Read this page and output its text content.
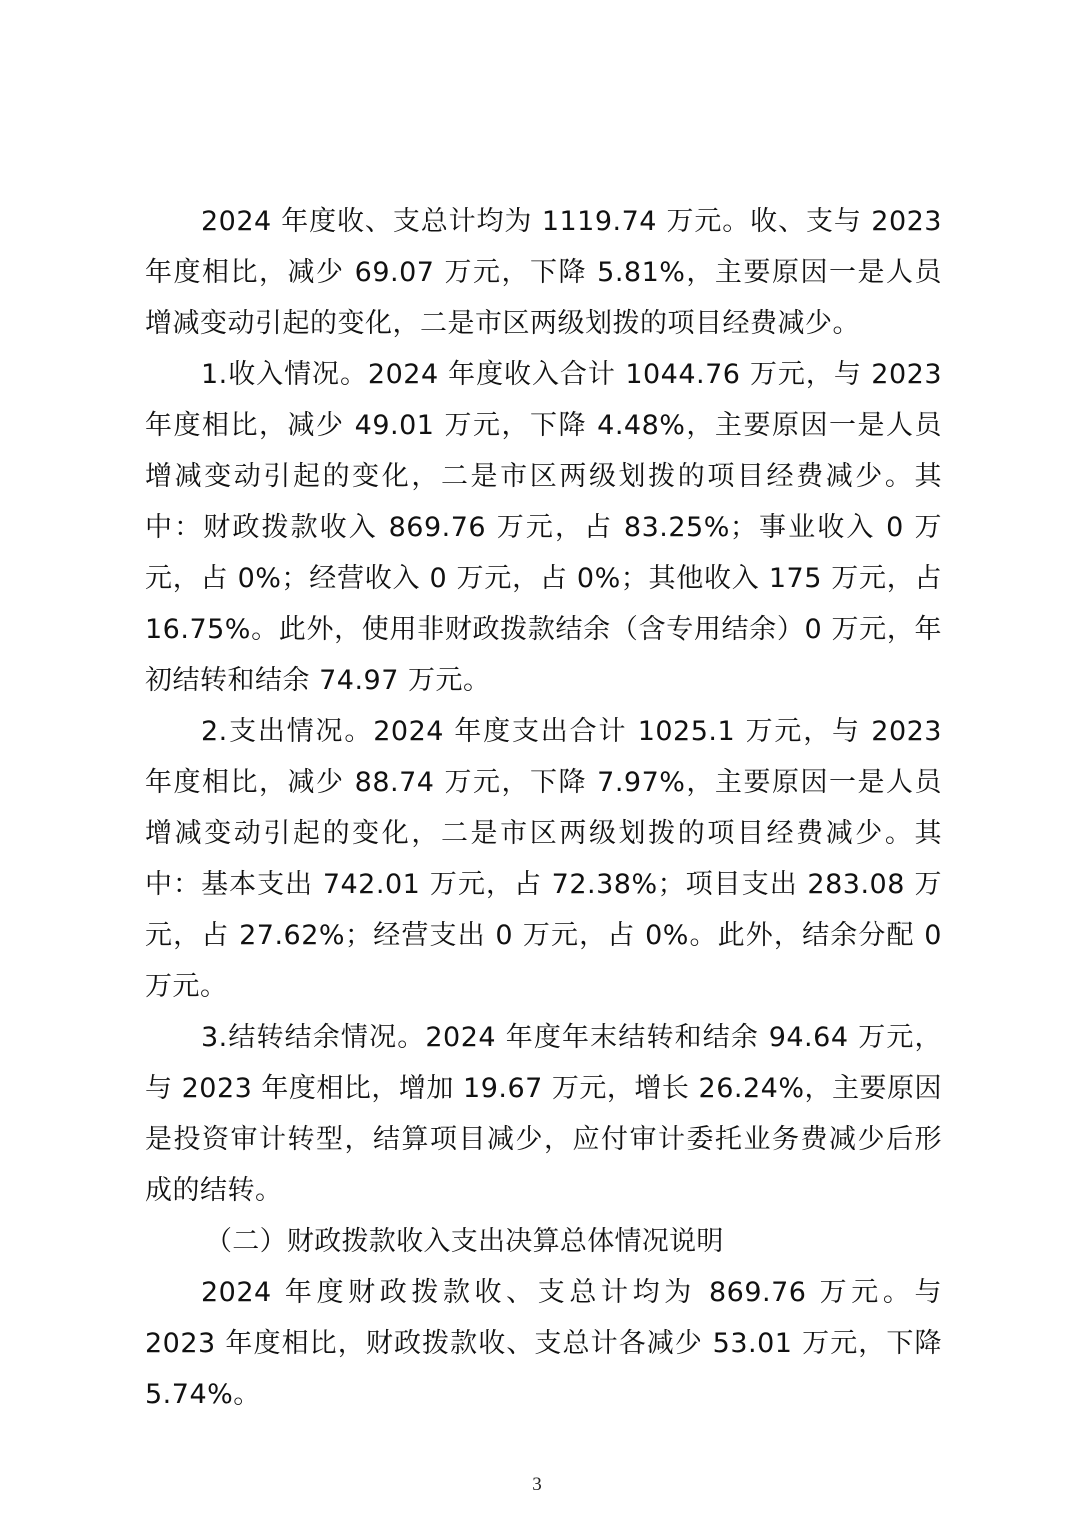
2024 年度收、支总计均为 1119.74 万元。收、支与 2023 年度相比，减少 69.07 万元，下降 5.81%，主要原因一是人员增减变动引起的变化，二是市区两级划拨的项目经费减少。

1.收入情况。2024 年度收入合计 1044.76 万元，与 2023 年度相比，减少 49.01 万元，下降 4.48%，主要原因一是人员增减变动引起的变化，二是市区两级划拨的项目经费减少。其中：财政拨款收入 869.76 万元，占 83.25%；事业收入 0 万元，占 0%；经营收入 0 万元，占 0%；其他收入 175 万元，占 16.75%。此外，使用非财政拨款结余（含专用结余）0 万元，年初结转和结余 74.97 万元。

2.支出情况。2024 年度支出合计 1025.1 万元，与 2023 年度相比，减少 88.74 万元，下降 7.97%，主要原因一是人员增减变动引起的变化，二是市区两级划拨的项目经费减少。其中：基本支出 742.01 万元，占 72.38%；项目支出 283.08 万元，占 27.62%；经营支出 0 万元，占 0%。此外，结余分配 0 万元。

3.结转结余情况。2024 年度年末结转和结余 94.64 万元，与 2023 年度相比，增加 19.67 万元，增长 26.24%，主要原因是投资审计转型，结算项目减少，应付审计委托业务费减少后形成的结转。

（二）财政拨款收入支出决算总体情况说明

2024 年度财政拨款收、支总计均为 869.76 万元。与 2023 年度相比，财政拨款收、支总计各减少 53.01 万元，下降 5.74%。

3
